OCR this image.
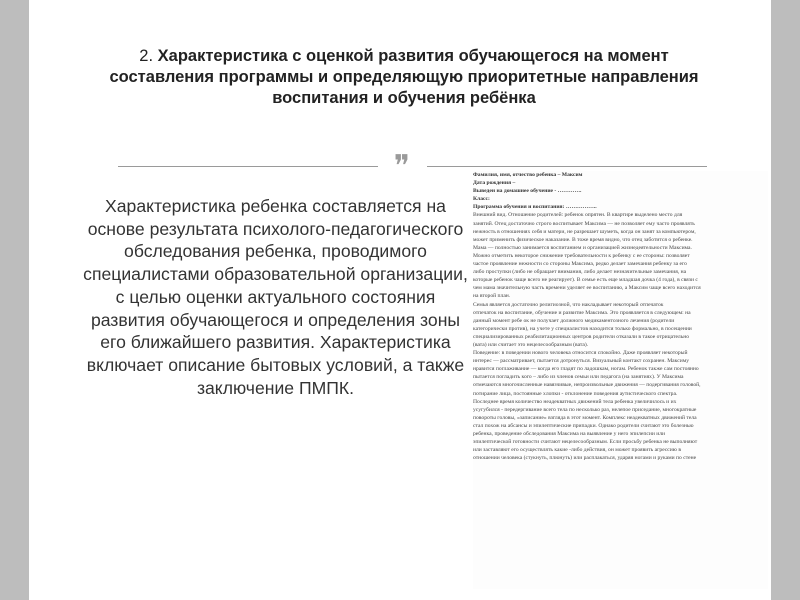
2. Характеристика с оценкой развития обучающегося на момент составления программы и определяющую приоритетные направления воспитания и обучения ребёнка
❞
Характеристика ребенка составляется на основе результата психолого-педагогического обследования ребенка, проводимого специалистами образовательной организации, с целью оценки актуального состояния развития обучающегося и определения зоны его ближайшего развития. Характеристика включает описание бытовых условий, а также заключение ПМПК.
Фамилия, имя, отчество ребенка – Максим
Дата рождения –
Выведен на домашнее обучение - ………….
Класс:
Программа обучения и воспитания: ……………..
Внешний вид. Отношение родителей: ребенок опрятен. В квартире выделено место для
занятий. Отец достаточно строго воспитывает Максима — не позволяет ему часто проявлять
нежность в отношениях себя и матери, не разрешает шуметь, когда он занят за компьютером,
может применить физическое наказание. В тоже время видно, что отец заботится о ребенке.
Мама — полностью занимается воспитанием и организацией жизнедеятельности Максима.
Можно отметить некоторое снижение требовательности к ребенку с ее стороны: позволяет
частое проявление нежности со стороны Максима, редко делает замечания ребенку за его
либо проступки (либо не обращает внимания, либо делает незначительные замечания, на
которые ребенок чаще всего не реагирует). В семье есть еще младшая дочка (4 года), в связи с
чем мама значительную часть времени уделяет ее воспитанию, а Максим чаще всего находится
на второй план.
Семья является достаточно религиозной, что накладывает некоторый отпечаток
отпечаток на воспитание, обучение и развитие Максима. Это проявляется в следующем: на
данный момент ребе ок не получает должного медикаментозного лечения (родители
категорически против), на учете у специалистов находится только формально, в посещении
специализированных реабилитационных центров родители отказали в такое отрицательно
(вата) или считает это нецелесообразным (вата).
Поведение: в поведении нового человека относится спокойно. Даже проявляет некоторый
интерес — рассматривает, пытается дотронуться. Визуальный контакт сохранен. Максиму
нравится поглаживание — когда его гладят по ладошкам, ногам. Ребенок также сам постоянно
пытается погладить кого – либо из членов семьи или педагога (на занятиях). У Максима
отмечаются многочисленные навязчивые, непроизвольные движения — подергивания головой,
потирание лица, постоянные хлопки - отклонение поведения аутистического спектра.
Последнее время количество неадекватных движений тела ребенка увеличилось и их
усугубился - передергивание всего тела по несколько раз, нелепое приседание, многократные
повороты головы, «записание» взгляда в этот момент. Комплекс неадекватных движений тела
стал похож на абсансы и эпилептические припадки. Однако родители считают это болезнью
ребенка, проведение обследования Максима на выявление у него эпилепсии или
эпилептической готовности считают нецелесообразным. Если просьбу ребенка не выполняют
или заставляют его осуществлять какие -либо действия, он может проявить агрессию в
отношении человека (стукнуть, плюнуть) или расплакаться, ударяя ногами и руками по стене
